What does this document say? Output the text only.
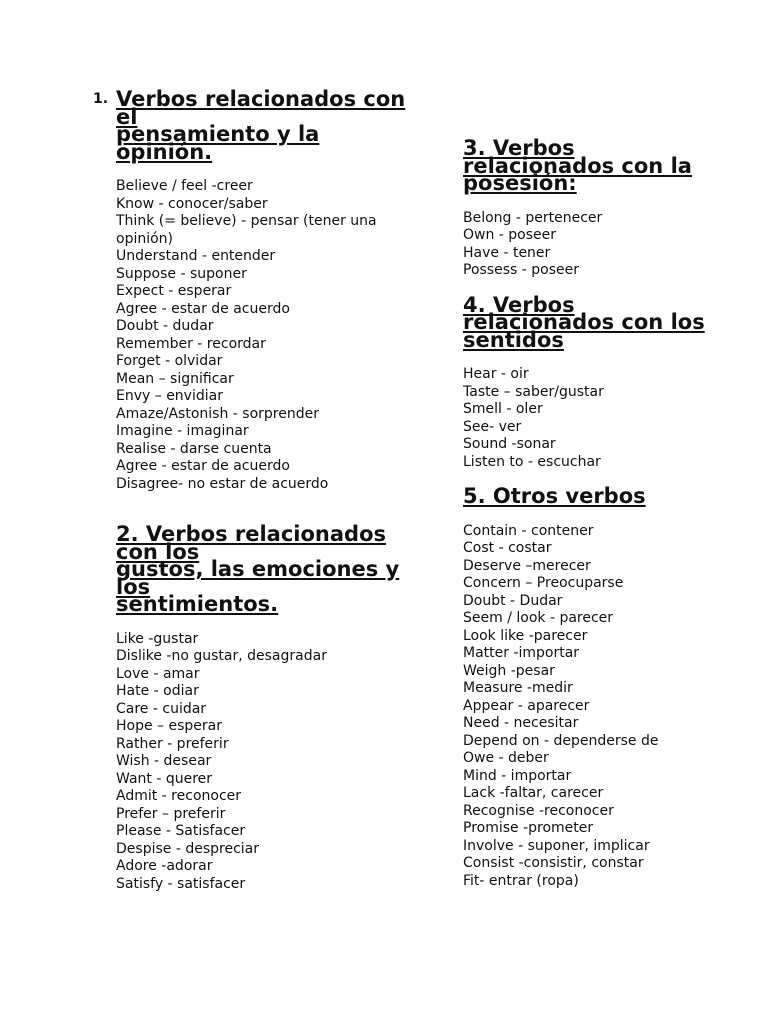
1. Verbos relacionados con el
pensamiento y la opinión.
Believe / feel -creer
Know - conocer/saber
Think (= believe) - pensar (tener una opinión)
Understand - entender
Suppose - suponer
Expect - esperar
Agree - estar de acuerdo
Doubt - dudar
Remember - recordar
Forget - olvidar
Mean – significar
Envy – envidiar
Amaze/Astonish - sorprender
Imagine - imaginar
Realise - darse cuenta
Agree - estar de acuerdo
Disagree- no estar de acuerdo
2. Verbos relacionados con los
gustos, las emociones y los
sentimientos.
Like -gustar
Dislike -no gustar, desagradar
Love - amar
Hate - odiar
Care - cuidar
Hope – esperar
Rather - preferir
Wish - desear
Want - querer
Admit - reconocer
Prefer – preferir
Please - Satisfacer
Despise - despreciar
Adore -adorar
Satisfy - satisfacer
3. Verbos relacionados con la
posesión:
Belong - pertenecer
Own - poseer
Have - tener
Possess - poseer
4. Verbos relacionados con los
sentidos
Hear - oir
Taste – saber/gustar
Smell - oler
See- ver
Sound -sonar
Listen to - escuchar
5. Otros verbos
Contain - contener
Cost - costar
Deserve –merecer
Concern – Preocuparse
Doubt - Dudar
Seem / look - parecer
Look like -parecer
Matter -importar
Weigh -pesar
Measure -medir
Appear - aparecer
Need - necesitar
Depend on - dependerse de
Owe - deber
Mind - importar
Lack -faltar, carecer
Recognise -reconocer
Promise -prometer
Involve - suponer, implicar
Consist -consistir, constar
Fit- entrar (ropa)
